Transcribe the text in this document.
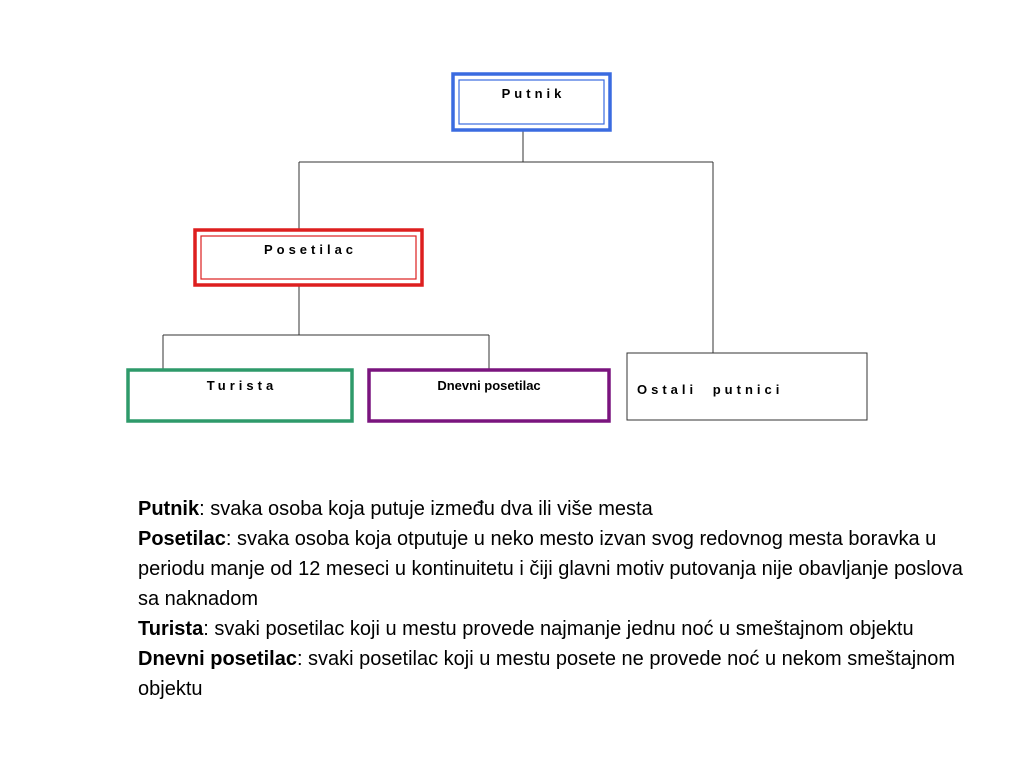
Putnik
Posetilac
Turista	Dnevni posetilac	Ostali putnici
Putnik: svaka osoba koja putuje između dva ili više mesta
Posetilac: svaka osoba koja otputuje u neko mesto izvan svog redovnog mesta boravka u periodu manje od 12 meseci u kontinuitetu i čiji glavni motiv putovanja nije obavljanje poslova sa naknadom
Turista: svaki posetilac koji u mestu provede najmanje jednu noć u smeštajnom objektu
Dnevni posetilac: svaki posetilac koji u mestu posete ne provede noć u nekom smeštajnom objektu
